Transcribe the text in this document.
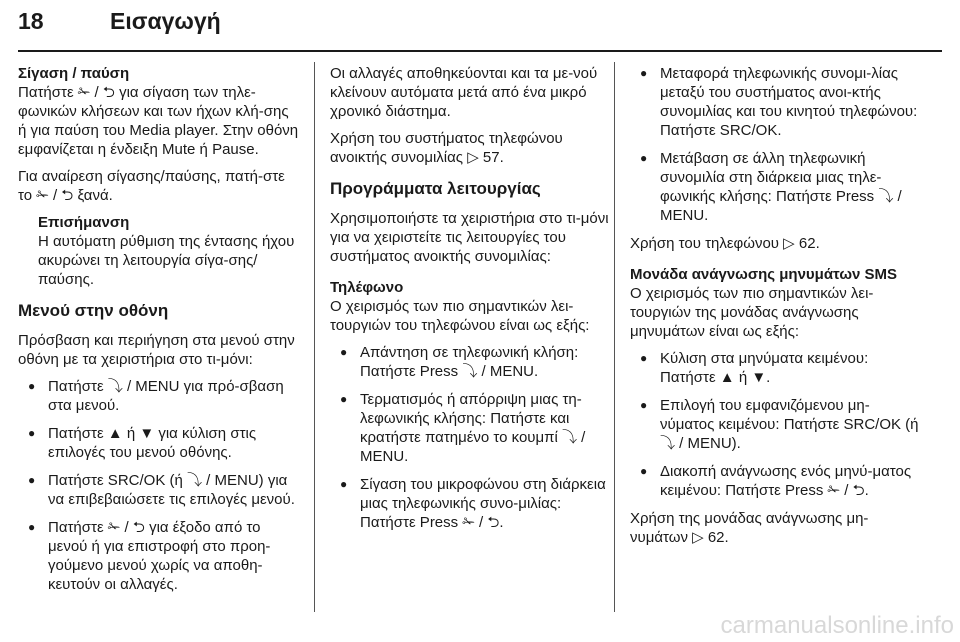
18	Εισαγωγή
Σίγαση / παύση

Πατήστε ✁ / ⮌ για σίγαση των τηλε-φωνικών κλήσεων και των ήχων κλή-σης ή για παύση του Media player. Στην οθόνη εμφανίζεται η ένδειξη Mute ή Pause.

Για αναίρεση σίγασης/παύσης, πατή-στε το ✁ / ⮌ ξανά.

Επισήμανση
Η αυτόματη ρύθμιση της έντασης ήχου ακυρώνει τη λειτουργία σίγα-σης/παύσης.
Μενού στην οθόνη

Πρόσβαση και περιήγηση στα μενού στην οθόνη με τα χειριστήρια στο τι-μόνι:

● Πατήστε ⤵ / MENU για πρό-σβαση στα μενού.
● Πατήστε ▲ ή ▼ για κύλιση στις επιλογές του μενού οθόνης.
● Πατήστε SRC/OK (ή ⤵ / MENU) για να επιβεβαιώσετε τις επιλογές μενού.
● Πατήστε ✁ / ⮌ για έξοδο από το μενού ή για επιστροφή στο προη-γούμενο μενού χωρίς να αποθη-κευτούν οι αλλαγές.

Οι αλλαγές αποθηκεύονται και τα με-νού κλείνουν αυτόματα μετά από ένα μικρό χρονικό διάστημα.

Χρήση του συστήματος τηλεφώνου ανοικτής συνομιλίας ▷ 57.

Προγράμματα λειτουργίας

Χρησιμοποιήστε τα χειριστήρια στο τι-μόνι για να χειριστείτε τις λειτουργίες του συστήματος ανοικτής συνομιλίας:

Τηλέφωνο

Ο χειρισμός των πιο σημαντικών λει-τουργιών του τηλεφώνου είναι ως εξής:

● Απάντηση σε τηλεφωνική κλήση: Πατήστε Press ⤵ / MENU.
● Τερματισμός ή απόρριψη μιας τη-λεφωνικής κλήσης: Πατήστε και κρατήστε πατημένο το κουμπί ⤵ / MENU.
● Σίγαση του μικροφώνου στη διάρκεια μιας τηλεφωνικής συνο-μιλίας: Πατήστε Press ✁ / ⮌.
● Μεταφορά τηλεφωνικής συνομι-λίας μεταξύ του συστήματος ανοι-κτής συνομιλίας και του κινητού τηλεφώνου: Πατήστε SRC/OK.
● Μετάβαση σε άλλη τηλεφωνική συνομιλία στη διάρκεια μιας τηλε-φωνικής κλήσης: Πατήστε Press ⤵ / MENU.

Χρήση του τηλεφώνου ▷ 62.

Μονάδα ανάγνωσης μηνυμάτων SMS

Ο χειρισμός των πιο σημαντικών λει-τουργιών της μονάδας ανάγνωσης μηνυμάτων είναι ως εξής:

● Κύλιση στα μηνύματα κειμένου: Πατήστε ▲ ή ▼.
● Επιλογή του εμφανιζόμενου μη-νύματος κειμένου: Πατήστε SRC/OK (ή ⤵ / MENU).
● Διακοπή ανάγνωσης ενός μηνύ-ματος κειμένου: Πατήστε Press ✁ / ⮌.

Χρήση της μονάδας ανάγνωσης μη-νυμάτων ▷ 62.

carmanualsonline.info
